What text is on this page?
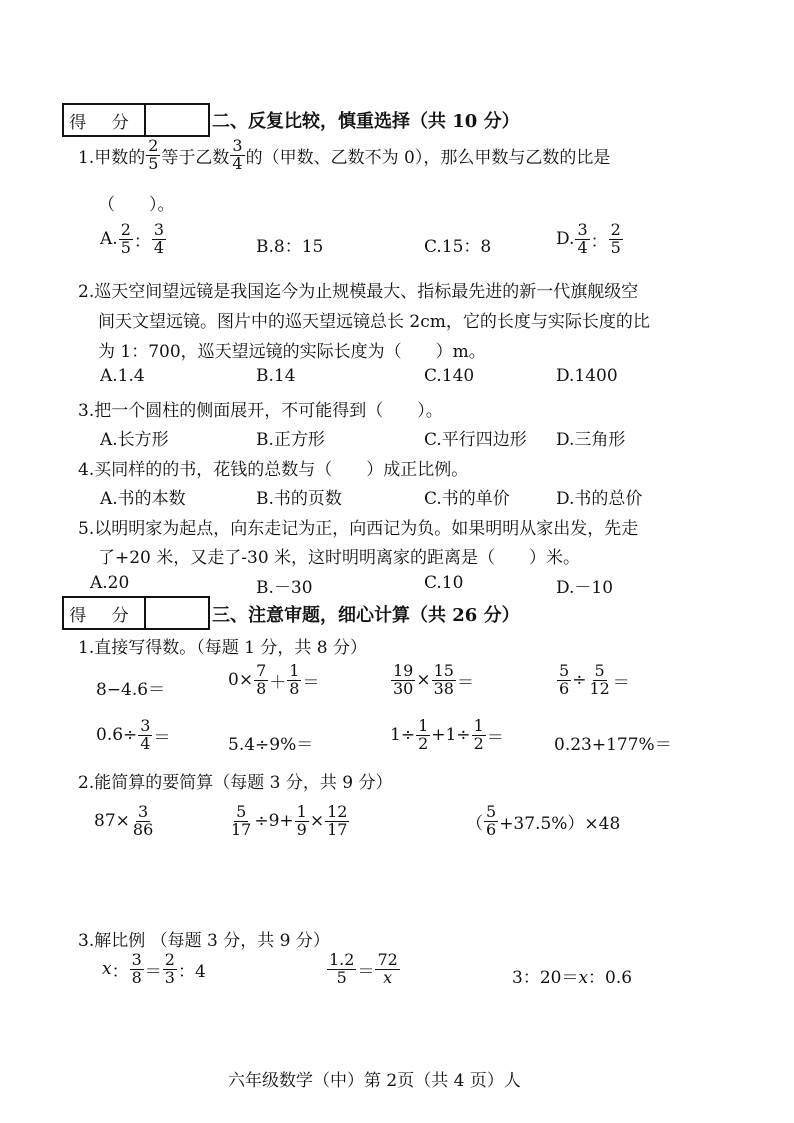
得 分	二、反复比较，慎重选择（共 10 分）
1.甲数的 $\frac{2}{5}$ 等于乙数 $\frac{3}{4}$ 的（甲数、乙数不为 0），那么甲数与乙数的比是
（　　）。
A. $\frac{2}{5}$ ： $\frac{3}{4}$	B.8：15	C.15：8	D. $\frac{3}{4}$ ： $\frac{2}{5}$
2.巡天空间望远镜是我国迄今为止规模最大、指标最先进的新一代旗舰级空
间天文望远镜。图片中的巡天望远镜总长 2cm，它的长度与实际长度的比
为 1：700，巡天望远镜的实际长度为（　　）m。
A.1.4	B.14	C.140	D.1400
3.把一个圆柱的侧面展开，不可能得到（　　）。
A.长方形	B.正方形	C.平行四边形 D.三角形
4.买同样的的书，花钱的总数与（　　）成正比例。
A.书的本数	B.书的页数	C.书的单价	D.书的总价
5.以明明家为起点，向东走记为正，向西记为负。如果明明从家出发，先走
了+20 米，又走了-30 米，这时明明离家的距离是（　　）米。
A.20	B.－30	C.10	D.－10
得 分	三、注意审题，细心计算（共 26 分）
1.直接写得数。（每题 1 分，共 8 分）
8−4.6＝	$0\times \frac{7}{8} + \frac{1}{8}$ ＝	$\frac{19}{30} \times \frac{15}{38}$ ＝	$\frac{5}{6} \div \frac{5}{12}$ ＝
$0.6\div \frac{3}{4}$ ＝	5.4÷9%＝	$1\div \frac{1}{2} +1\div \frac{1}{2}$ ＝	0.23+177%＝
2.能简算的要简算（每题 3 分，共 9 分）
$87\times \frac{3}{86}$	$\frac{5}{17} \div 9+ \frac{1}{9} \times \frac{12}{17}$	（ $\frac{5}{6} +37.5\%)\times 48$
3.解比例 （每题 3 分，共 9 分）
x ： $\frac{3}{8} = \frac{2}{3}$ ：4	$\frac{1.2}{5} = \frac{72}{x}$	3：20＝x：0.6
六年级数学（中）第 2页（共 4 页）人
